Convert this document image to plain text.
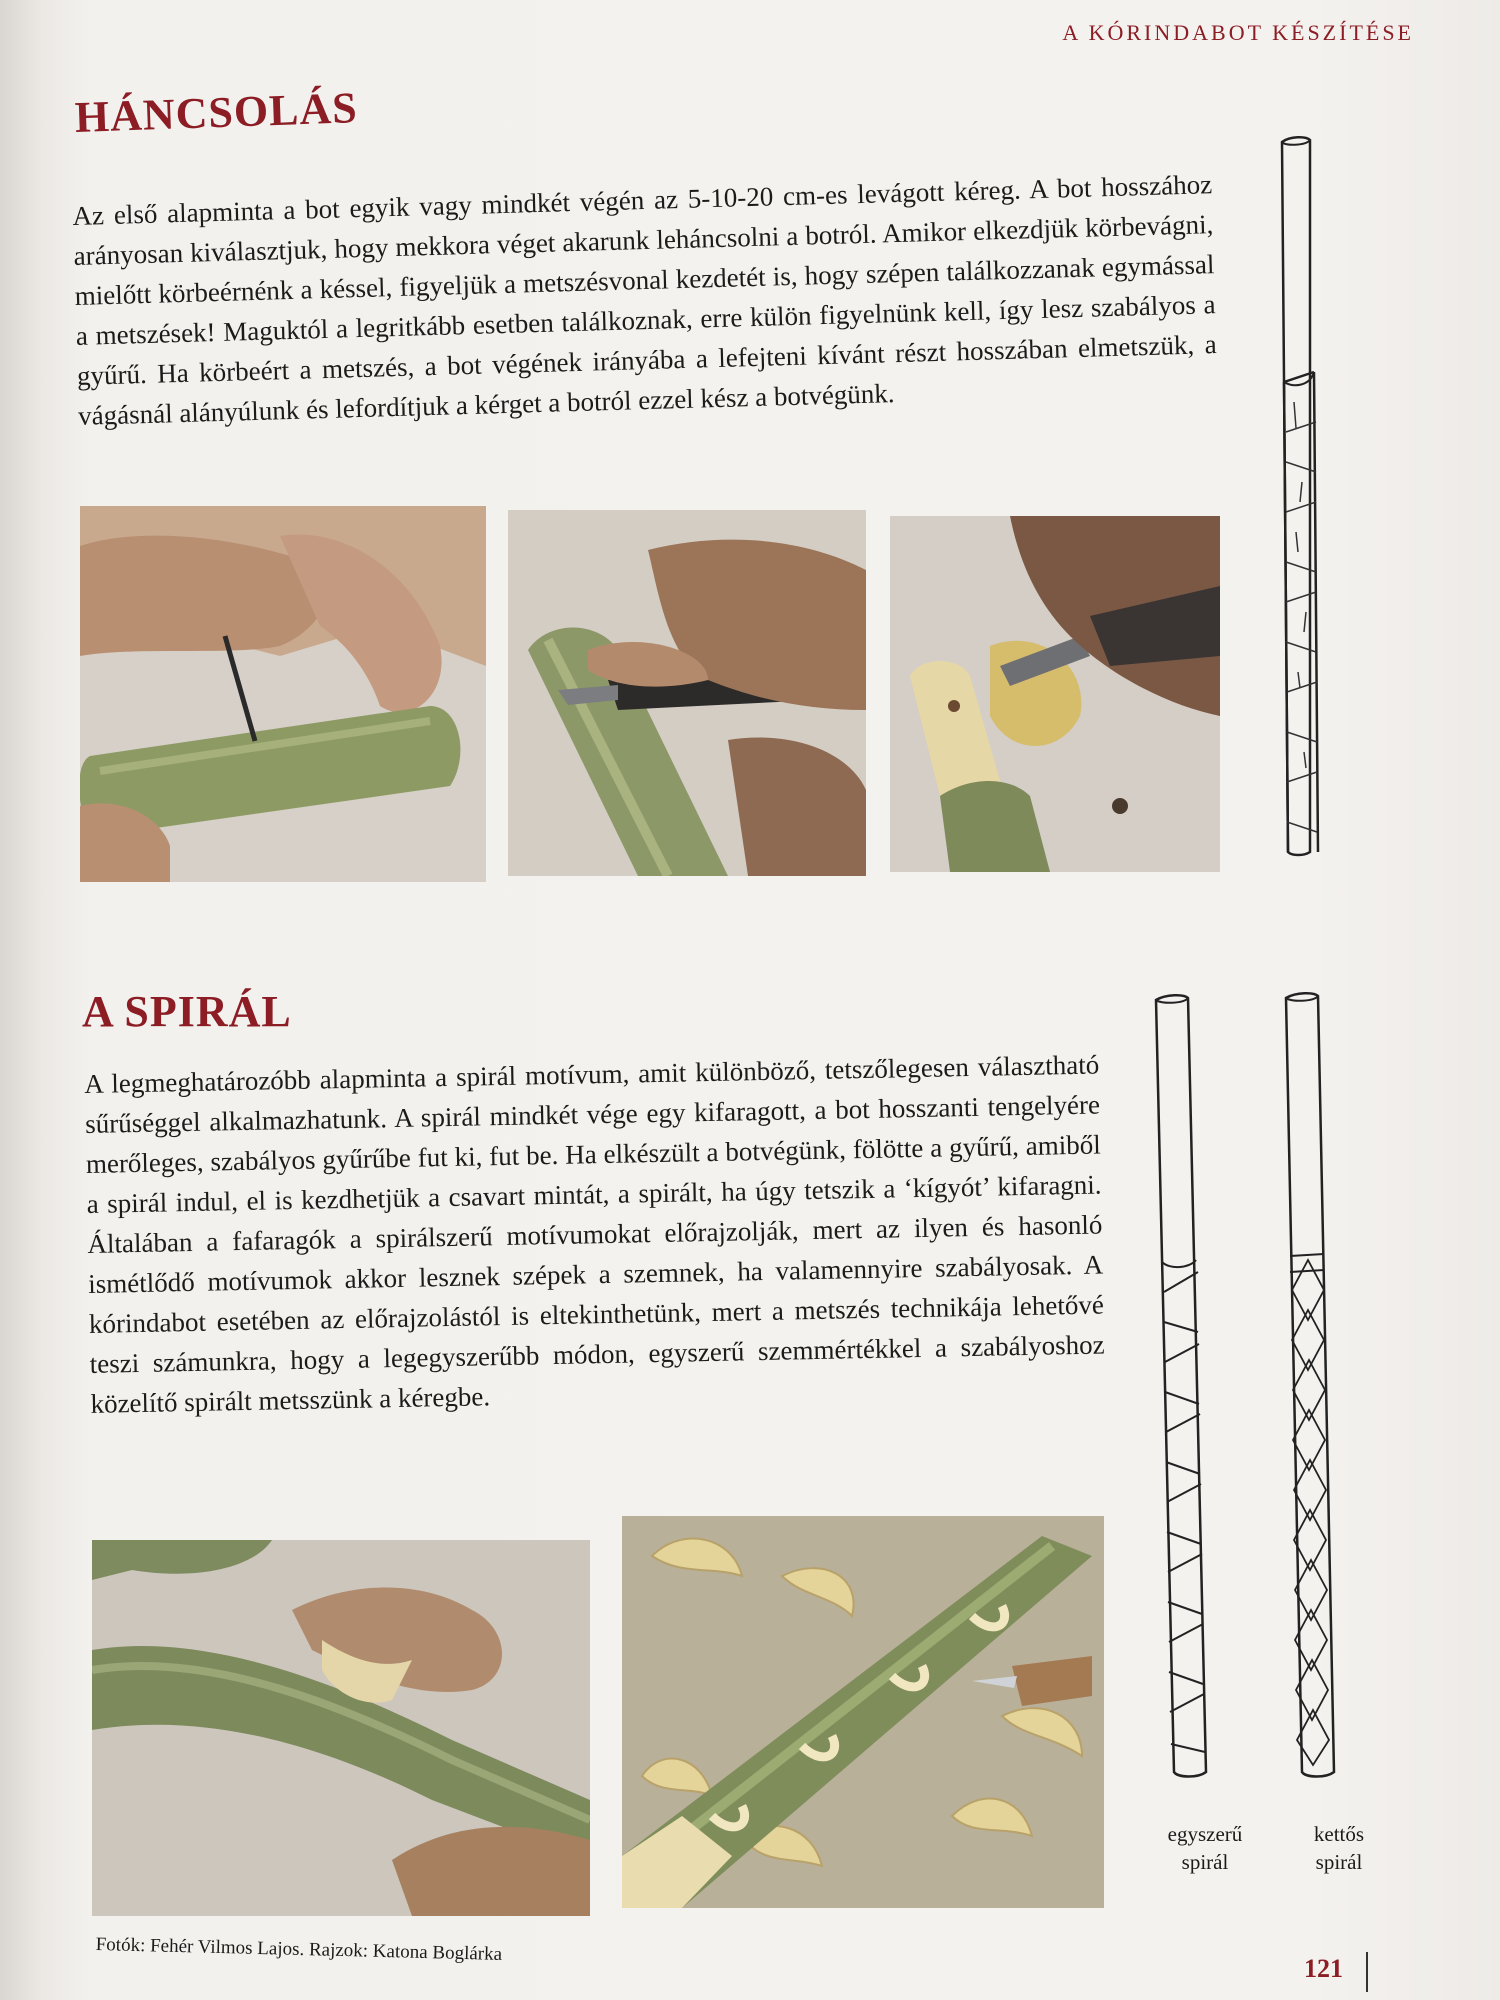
A KÓRINDABOT KÉSZÍTÉSE
HÁNCSOLÁS
Az első alapminta a bot egyik vagy mindkét végén az 5-10-20 cm-es levágott kéreg. A bot hosszához arányosan kiválasztjuk, hogy mekkora véget akarunk leháncsolni a botról. Amikor elkezdjük körbevágni, mielőtt körbeérnénk a késsel, figyeljük a metszésvonal kezdetét is, hogy szépen találkozzanak egymással a metszések! Maguktól a legritkább esetben találkoznak, erre külön figyelnünk kell, így lesz szabályos a gyűrű. Ha körbeért a metszés, a bot végének irányába a lefejteni kívánt részt hosszában elmetszük, a vágásnál alányúlunk és lefordítjuk a kérget a botról ezzel kész a botvégünk.
A SPIRÁL
A legmeghatározóbb alapminta a spirál motívum, amit különböző, tetszőlegesen választható sűrűséggel alkalmazhatunk. A spirál mindkét vége egy kifaragott, a bot hosszanti tengelyére merőleges, szabályos gyűrűbe fut ki, fut be. Ha elkészült a botvégünk, fölötte a gyűrű, amiből a spirál indul, el is kezdhetjük a csavart mintát, a spirált, ha úgy tetszik a ‘kígyót’ kifaragni. Általában a fafaragók a spirálszerű motívumokat előrajzolják, mert az ilyen és hasonló ismétlődő motívumok akkor lesznek szépek a szemnek, ha valamennyire szabályosak. A kórindabot esetében az előrajzolástól is eltekinthetünk, mert a metszés technikája lehetővé teszi számunkra, hogy a legegyszerűbb módon, egyszerű szemmértékkel a szabályoshoz közelítő spirált metsszünk a kéregbe.
egyszerű
spirál
kettős
spirál
Fotók: Fehér Vilmos Lajos. Rajzok: Katona Boglárka
121
